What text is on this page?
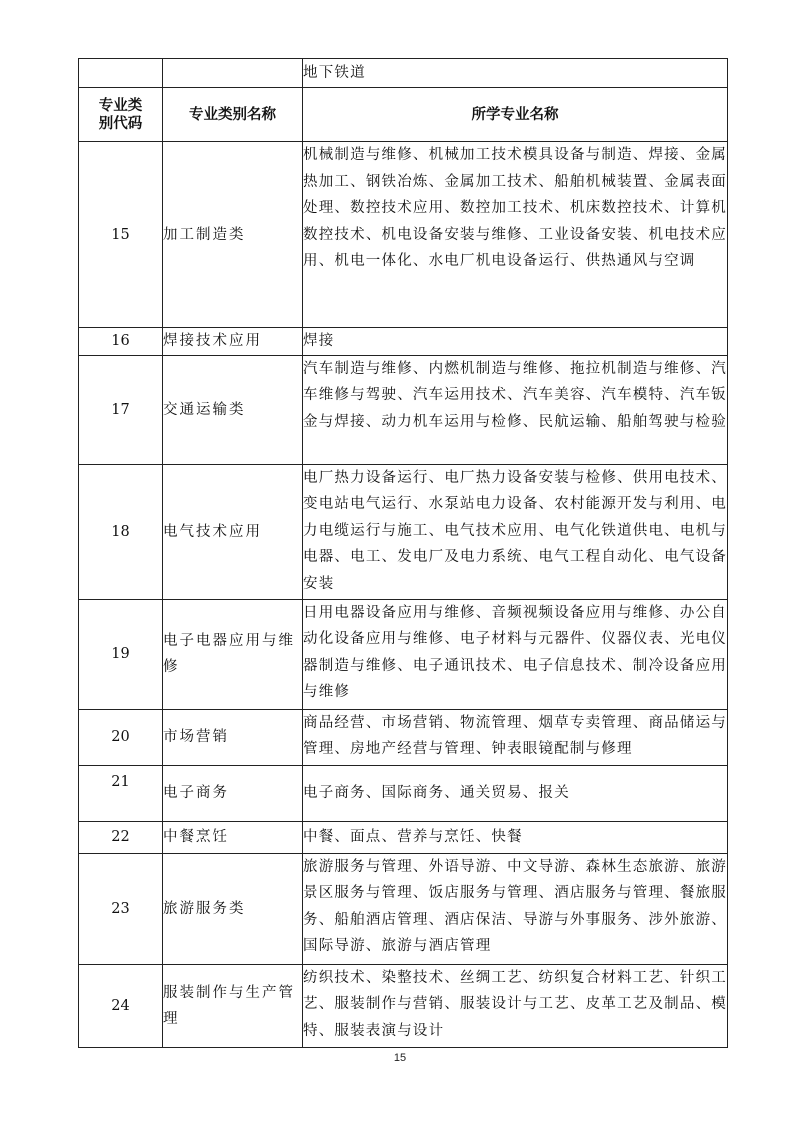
		地下铁道

专业类别代码	专业类别名称	所学专业名称
15	加工制造类	机械制造与维修、机械加工技术模具设备与制造、焊接、金属热加工、钢铁冶炼、金属加工技术、船舶机械装置、金属表面处理、数控技术应用、数控加工技术、机床数控技术、计算机数控技术、机电设备安装与维修、工业设备安装、机电技术应用、机电一体化、水电厂机电设备运行、供热通风与空调
16	焊接技术应用	焊接
17	交通运输类	汽车制造与维修、内燃机制造与维修、拖拉机制造与维修、汽车维修与驾驶、汽车运用技术、汽车美容、汽车模特、汽车钣金与焊接、动力机车运用与检修、民航运输、船舶驾驶与检验
18	电气技术应用	电厂热力设备运行、电厂热力设备安装与检修、供用电技术、变电站电气运行、水泵站电力设备、农村能源开发与利用、电力电缆运行与施工、电气技术应用、电气化铁道供电、电机与电器、电工、发电厂及电力系统、电气工程自动化、电气设备安装
19	电子电器应用与维修	日用电器设备应用与维修、音频视频设备应用与维修、办公自动化设备应用与维修、电子材料与元器件、仪器仪表、光电仪器制造与维修、电子通讯技术、电子信息技术、制冷设备应用与维修
20	市场营销	商品经营、市场营销、物流管理、烟草专卖管理、商品储运与管理、房地产经营与管理、钟表眼镜配制与修理
21	电子商务	电子商务、国际商务、通关贸易、报关
22	中餐烹饪	中餐、面点、营养与烹饪、快餐
23	旅游服务类	旅游服务与管理、外语导游、中文导游、森林生态旅游、旅游景区服务与管理、饭店服务与管理、酒店服务与管理、餐旅服务、船舶酒店管理、酒店保洁、导游与外事服务、涉外旅游、国际导游、旅游与酒店管理
24	服装制作与生产管理	纺织技术、染整技术、丝绸工艺、纺织复合材料工艺、针织工艺、服装制作与营销、服装设计与工艺、皮革工艺及制品、模特、服装表演与设计
15
